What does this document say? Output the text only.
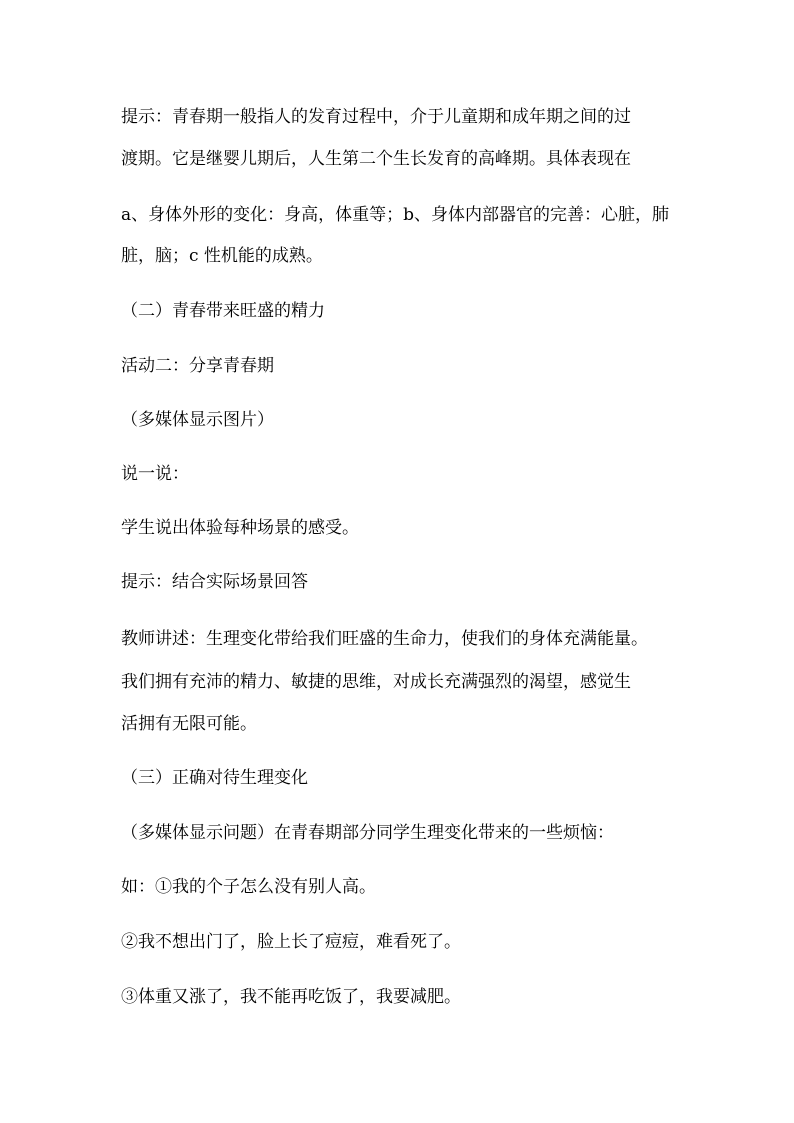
提示：青春期一般指人的发育过程中，介于儿童期和成年期之间的过
渡期。它是继婴儿期后，人生第二个生长发育的高峰期。具体表现在
a、身体外形的变化：身高，体重等；b、身体内部器官的完善：心脏，肺
脏，脑；c 性机能的成熟。
（二）青春带来旺盛的精力
活动二：分享青春期
（多媒体显示图片）
说一说：
学生说出体验每种场景的感受。
提示：结合实际场景回答
教师讲述：生理变化带给我们旺盛的生命力，使我们的身体充满能量。
我们拥有充沛的精力、敏捷的思维，对成长充满强烈的渴望，感觉生
活拥有无限可能。
（三）正确对待生理变化
（多媒体显示问题）在青春期部分同学生理变化带来的一些烦恼：
如：①我的个子怎么没有别人高。
②我不想出门了，脸上长了痘痘，难看死了。
③体重又涨了，我不能再吃饭了，我要减肥。
